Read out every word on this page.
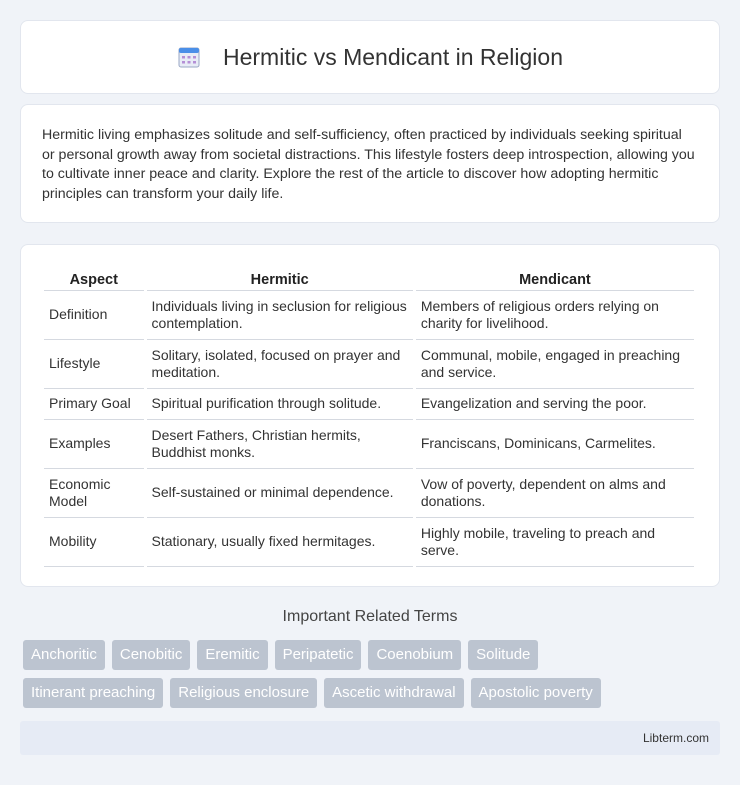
Hermitic vs Mendicant in Religion

Hermitic living emphasizes solitude and self-sufficiency, often practiced by individuals seeking spiritual or personal growth away from societal distractions. This lifestyle fosters deep introspection, allowing you to cultivate inner peace and clarity. Explore the rest of the article to discover how adopting hermitic principles can transform your daily life.

Aspect	Hermitic	Mendicant
Definition	Individuals living in seclusion for religious contemplation.	Members of religious orders relying on charity for livelihood.
Lifestyle	Solitary, isolated, focused on prayer and meditation.	Communal, mobile, engaged in preaching and service.
Primary Goal	Spiritual purification through solitude.	Evangelization and serving the poor.
Examples	Desert Fathers, Christian hermits, Buddhist monks.	Franciscans, Dominicans, Carmelites.
Economic Model	Self-sustained or minimal dependence.	Vow of poverty, dependent on alms and donations.
Mobility	Stationary, usually fixed hermitages.	Highly mobile, traveling to preach and serve.
Important Related Terms
Anchoritic	Cenobitic	Eremitic	Peripatetic	Coenobium	Solitude
Itinerant preaching	Religious enclosure	Ascetic withdrawal	Apostolic poverty
Libterm.com
